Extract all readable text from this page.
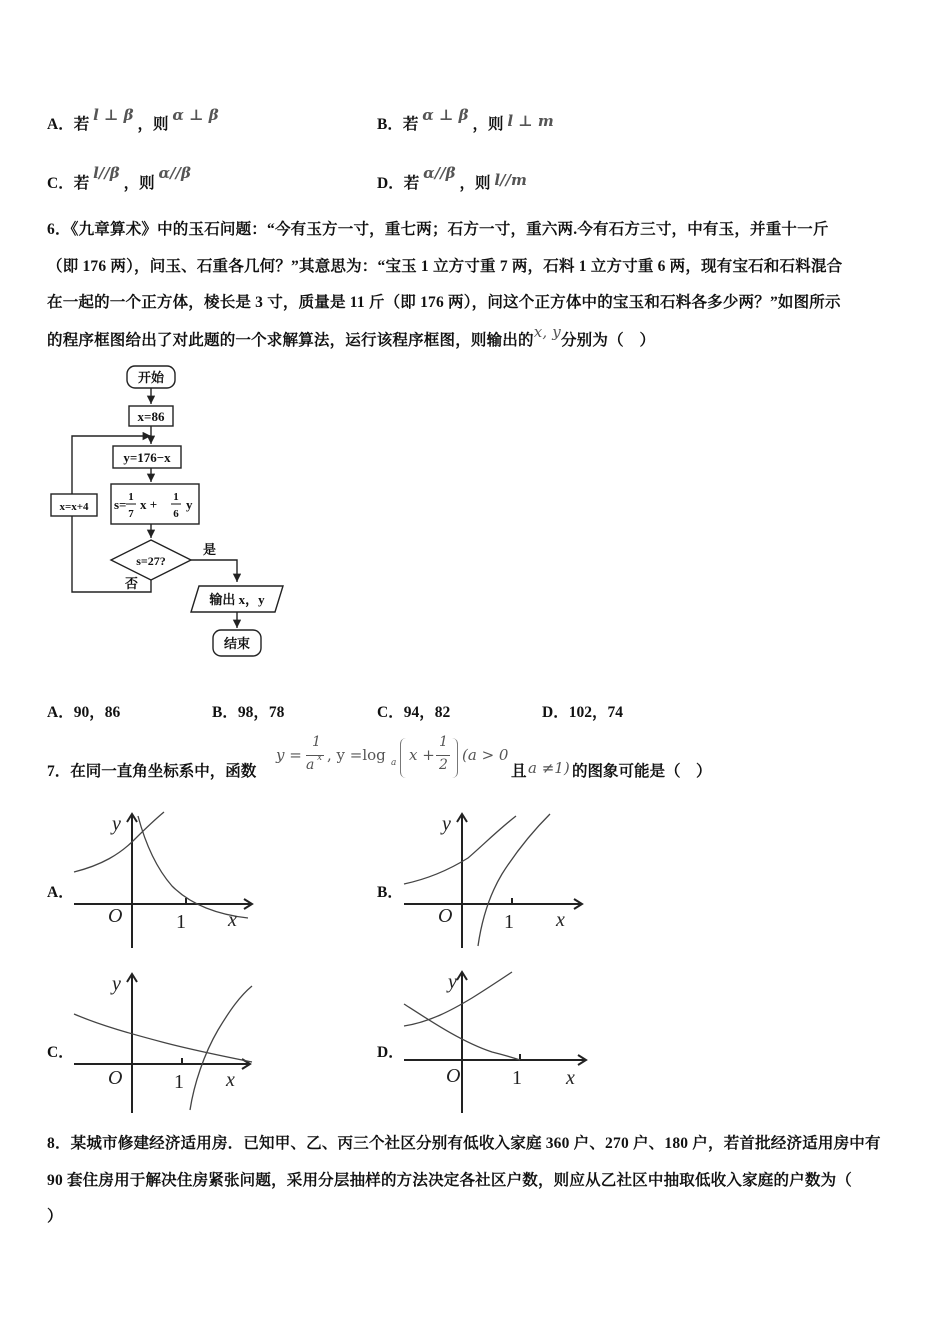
A．若 l ⊥ β ，则 α ⊥ β
B．若 α ⊥ β ，则 l ⊥ m
C．若 l//β ，则 α//β
D．若 α//β ，则 l//m
6．《九章算术》中的玉石问题：“今有玉方一寸，重七两；石方一寸，重六两.今有石方三寸，中有玉，并重十一斤
（即 176 两），问玉、石重各几何？”其意思为：“宝玉 1 立方寸重 7 两，石料 1 立方寸重 6 两，现有宝石和石料混合
在一起的一个正方体，棱长是 3 寸，质量是 11 斤（即 176 两），问这个正方体中的宝玉和石料各多少两？”如图所示
的程序框图给出了对此题的一个求解算法，运行该程序框图，则输出的x, y分别为（　）
开始
x=86
y=176−x
s= 1
7
x + 1
6
y
s=27?
是
否
x=x+4
输出 x，y
结束
A．90，86	B．98，78	C．94，82	D．102，74
7．在同一直角坐标系中，函数
y =
1
a x , y =log a x +
1
2
(a > 0
且 a ≠1) 的图象可能是（　）
A．	B．
C．	D．
y
O	1 x
y
O	1 x
y
O	1 x
y
O	1 x
8．某城市修建经济适用房．已知甲、乙、丙三个社区分别有低收入家庭 360 户、270 户、180 户，若首批经济适用房中有
90 套住房用于解决住房紧张问题，采用分层抽样的方法决定各社区户数，则应从乙社区中抽取低收入家庭的户数为（
）
